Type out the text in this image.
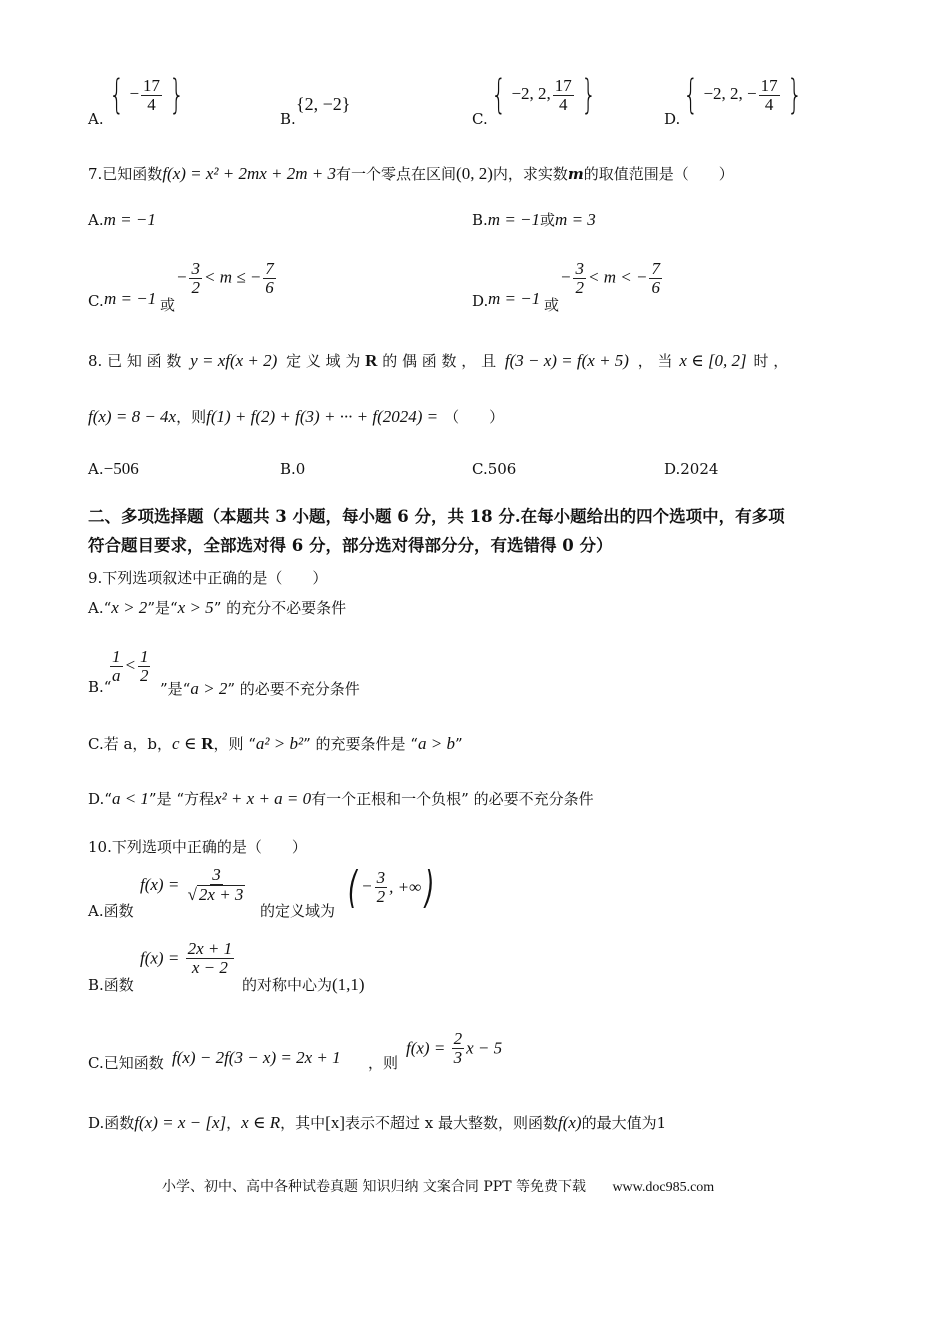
A.
{ − $\frac{17}{4}$ }
B.
{2, −2}
C.
{ −2, 2, $\frac{17}{4}$ }
D.
{ −2, 2, − $\frac{17}{4}$ }
7.已知函数f(x) = x² + 2mx + 2m + 3有一个零点在区间(0, 2)内，求实数m的取值范围是（　　）
A.m = −1	B.m = −1或m = 3
C. m = −1 或
− $\frac{3}{2} < m$ ≤ − $\frac{7}{6}$
D. m = −1 或
− $\frac{3}{2} < m$ < − $\frac{7}{6}$
8. 已 知 函 数 y = xf(x + 2) 定 义 域 为 R 的 偶 函 数 ， 且 f(3 − x) = f(x + 5) ， 当 x ∈ [0, 2] 时 ，
f(x) = 8 − 4x，则f(1) + f(2) + f(3) + ··· + f(2024) = （　　）
A.−506	B.0	C.506	D.2024
二、多项选择题（本题共 3 小题，每小题 6 分，共 18 分.在每小题给出的四个选项中，有多项
符合题目要求，全部选对得 6 分，部分选对得部分分，有选错得 0 分）
9.下列选项叙述中正确的是（　　）
A.“x > 2”是“x > 5” 的充分不必要条件
B.“
$\frac{1}{a} < \frac{1}{2}$
”是“a > 2” 的必要不充分条件
C.若 a，b，c ∈ R，则 “a² > b²” 的充要条件是 “a > b”
D.“a < 1”是 “方程x² + x + a = 0有一个正根和一个负根” 的必要不充分条件
10.下列选项中正确的是（　　）
A.函数
$f(x) = \frac{3}{√ 2x + 3}$
的定义域为 ( − $\frac{3}{2}$ , +∞)
B.函数
$f(x) = \frac{2x + 1}{x - 2}$
的对称中心为(1,1)
C.已知函数 f(x) − 2f(3 − x) = 2x + 1 ，则
$f(x) = \frac{2}{3}$ x − 5
D.函数f(x) = x − [x]，x ∈ R，其中[x]表示不超过 x 最大整数，则函数f(x)的最大值为1
小学、初中、高中各种试卷真题 知识归纳 文案合同 PPT 等免费下载 www.doc985.com
